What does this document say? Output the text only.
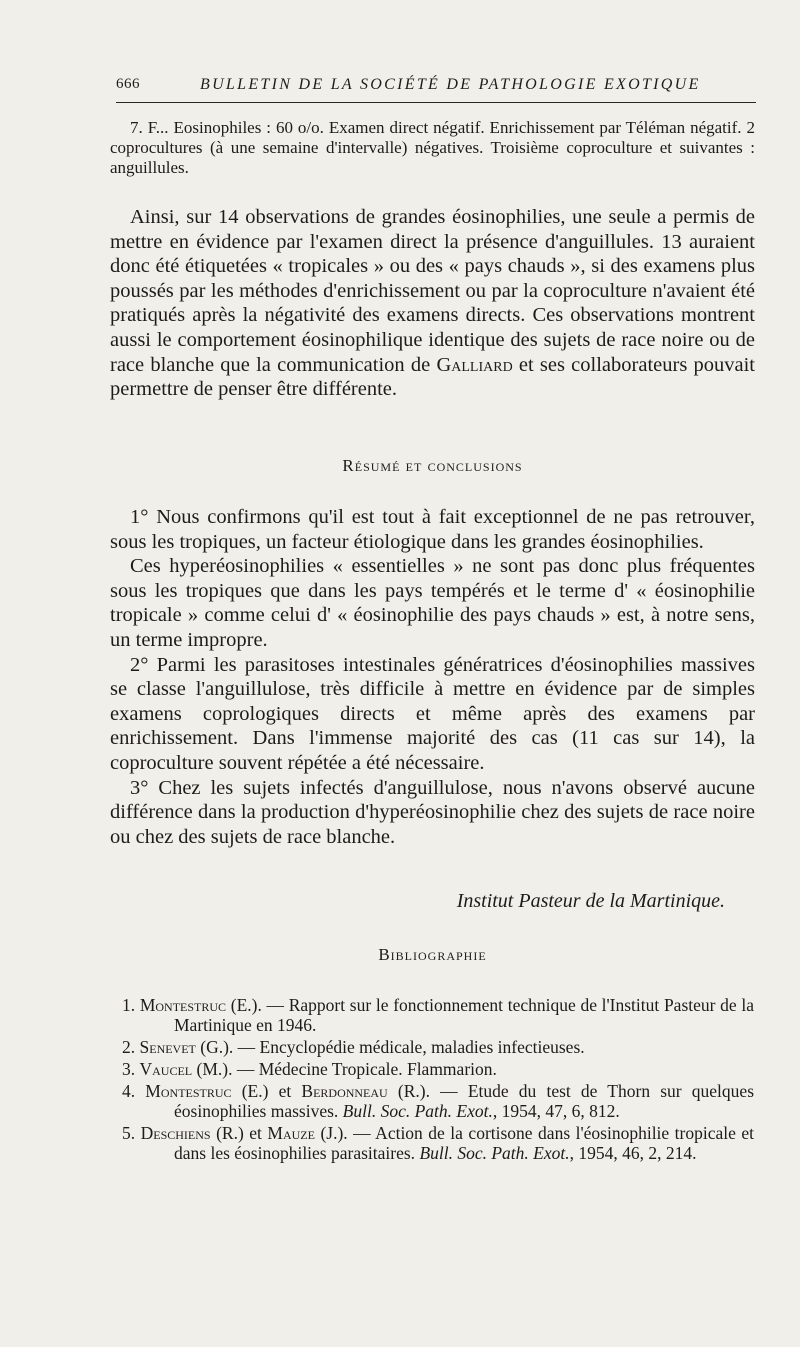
666	BULLETIN DE LA SOCIÉTÉ DE PATHOLOGIE EXOTIQUE

7. F... Eosinophiles : 60 o/o. Examen direct négatif. Enrichissement par Téléman négatif. 2 coprocultures (à une semaine d'intervalle) négatives. Troisième coproculture et suivantes : anguillules.

Ainsi, sur 14 observations de grandes éosinophilies, une seule a permis de mettre en évidence par l'examen direct la présence d'anguillules. 13 auraient donc été étiquetées « tropicales » ou des « pays chauds », si des examens plus poussés par les méthodes d'enrichissement ou par la coproculture n'avaient été pratiqués après la négativité des examens directs. Ces observations montrent aussi le comportement éosinophilique identique des sujets de race noire ou de race blanche que la communication de Galliard et ses collaborateurs pouvait permettre de penser être différente.

Résumé et conclusions

1° Nous confirmons qu'il est tout à fait exceptionnel de ne pas retrouver, sous les tropiques, un facteur étiologique dans les grandes éosinophilies.

Ces hyperéosinophilies « essentielles » ne sont pas donc plus fréquentes sous les tropiques que dans les pays tempérés et le terme d' « éosinophilie tropicale » comme celui d' « éosinophilie des pays chauds » est, à notre sens, un terme impropre.

2° Parmi les parasitoses intestinales génératrices d'éosinophilies massives se classe l'anguillulose, très difficile à mettre en évidence par de simples examens coprologiques directs et même après des examens par enrichissement. Dans l'immense majorité des cas (11 cas sur 14), la coproculture souvent répétée a été nécessaire.

3° Chez les sujets infectés d'anguillulose, nous n'avons observé aucune différence dans la production d'hyperéosinophilie chez des sujets de race noire ou chez des sujets de race blanche.

Institut Pasteur de la Martinique.
Bibliographie
1. Montestruc (E.). — Rapport sur le fonctionnement technique de l'Institut Pasteur de la Martinique en 1946.
2. Senevet (G.). — Encyclopédie médicale, maladies infectieuses.
3. Vaucel (M.). — Médecine Tropicale. Flammarion.
4. Montestruc (E.) et Berdonneau (R.). — Etude du test de Thorn sur quelques éosinophilies massives. Bull. Soc. Path. Exot., 1954, 47, 6, 812.
5. Deschiens (R.) et Mauze (J.). — Action de la cortisone dans l'éosinophilie tropicale et dans les éosinophilies parasitaires. Bull. Soc. Path. Exot., 1954, 46, 2, 214.
